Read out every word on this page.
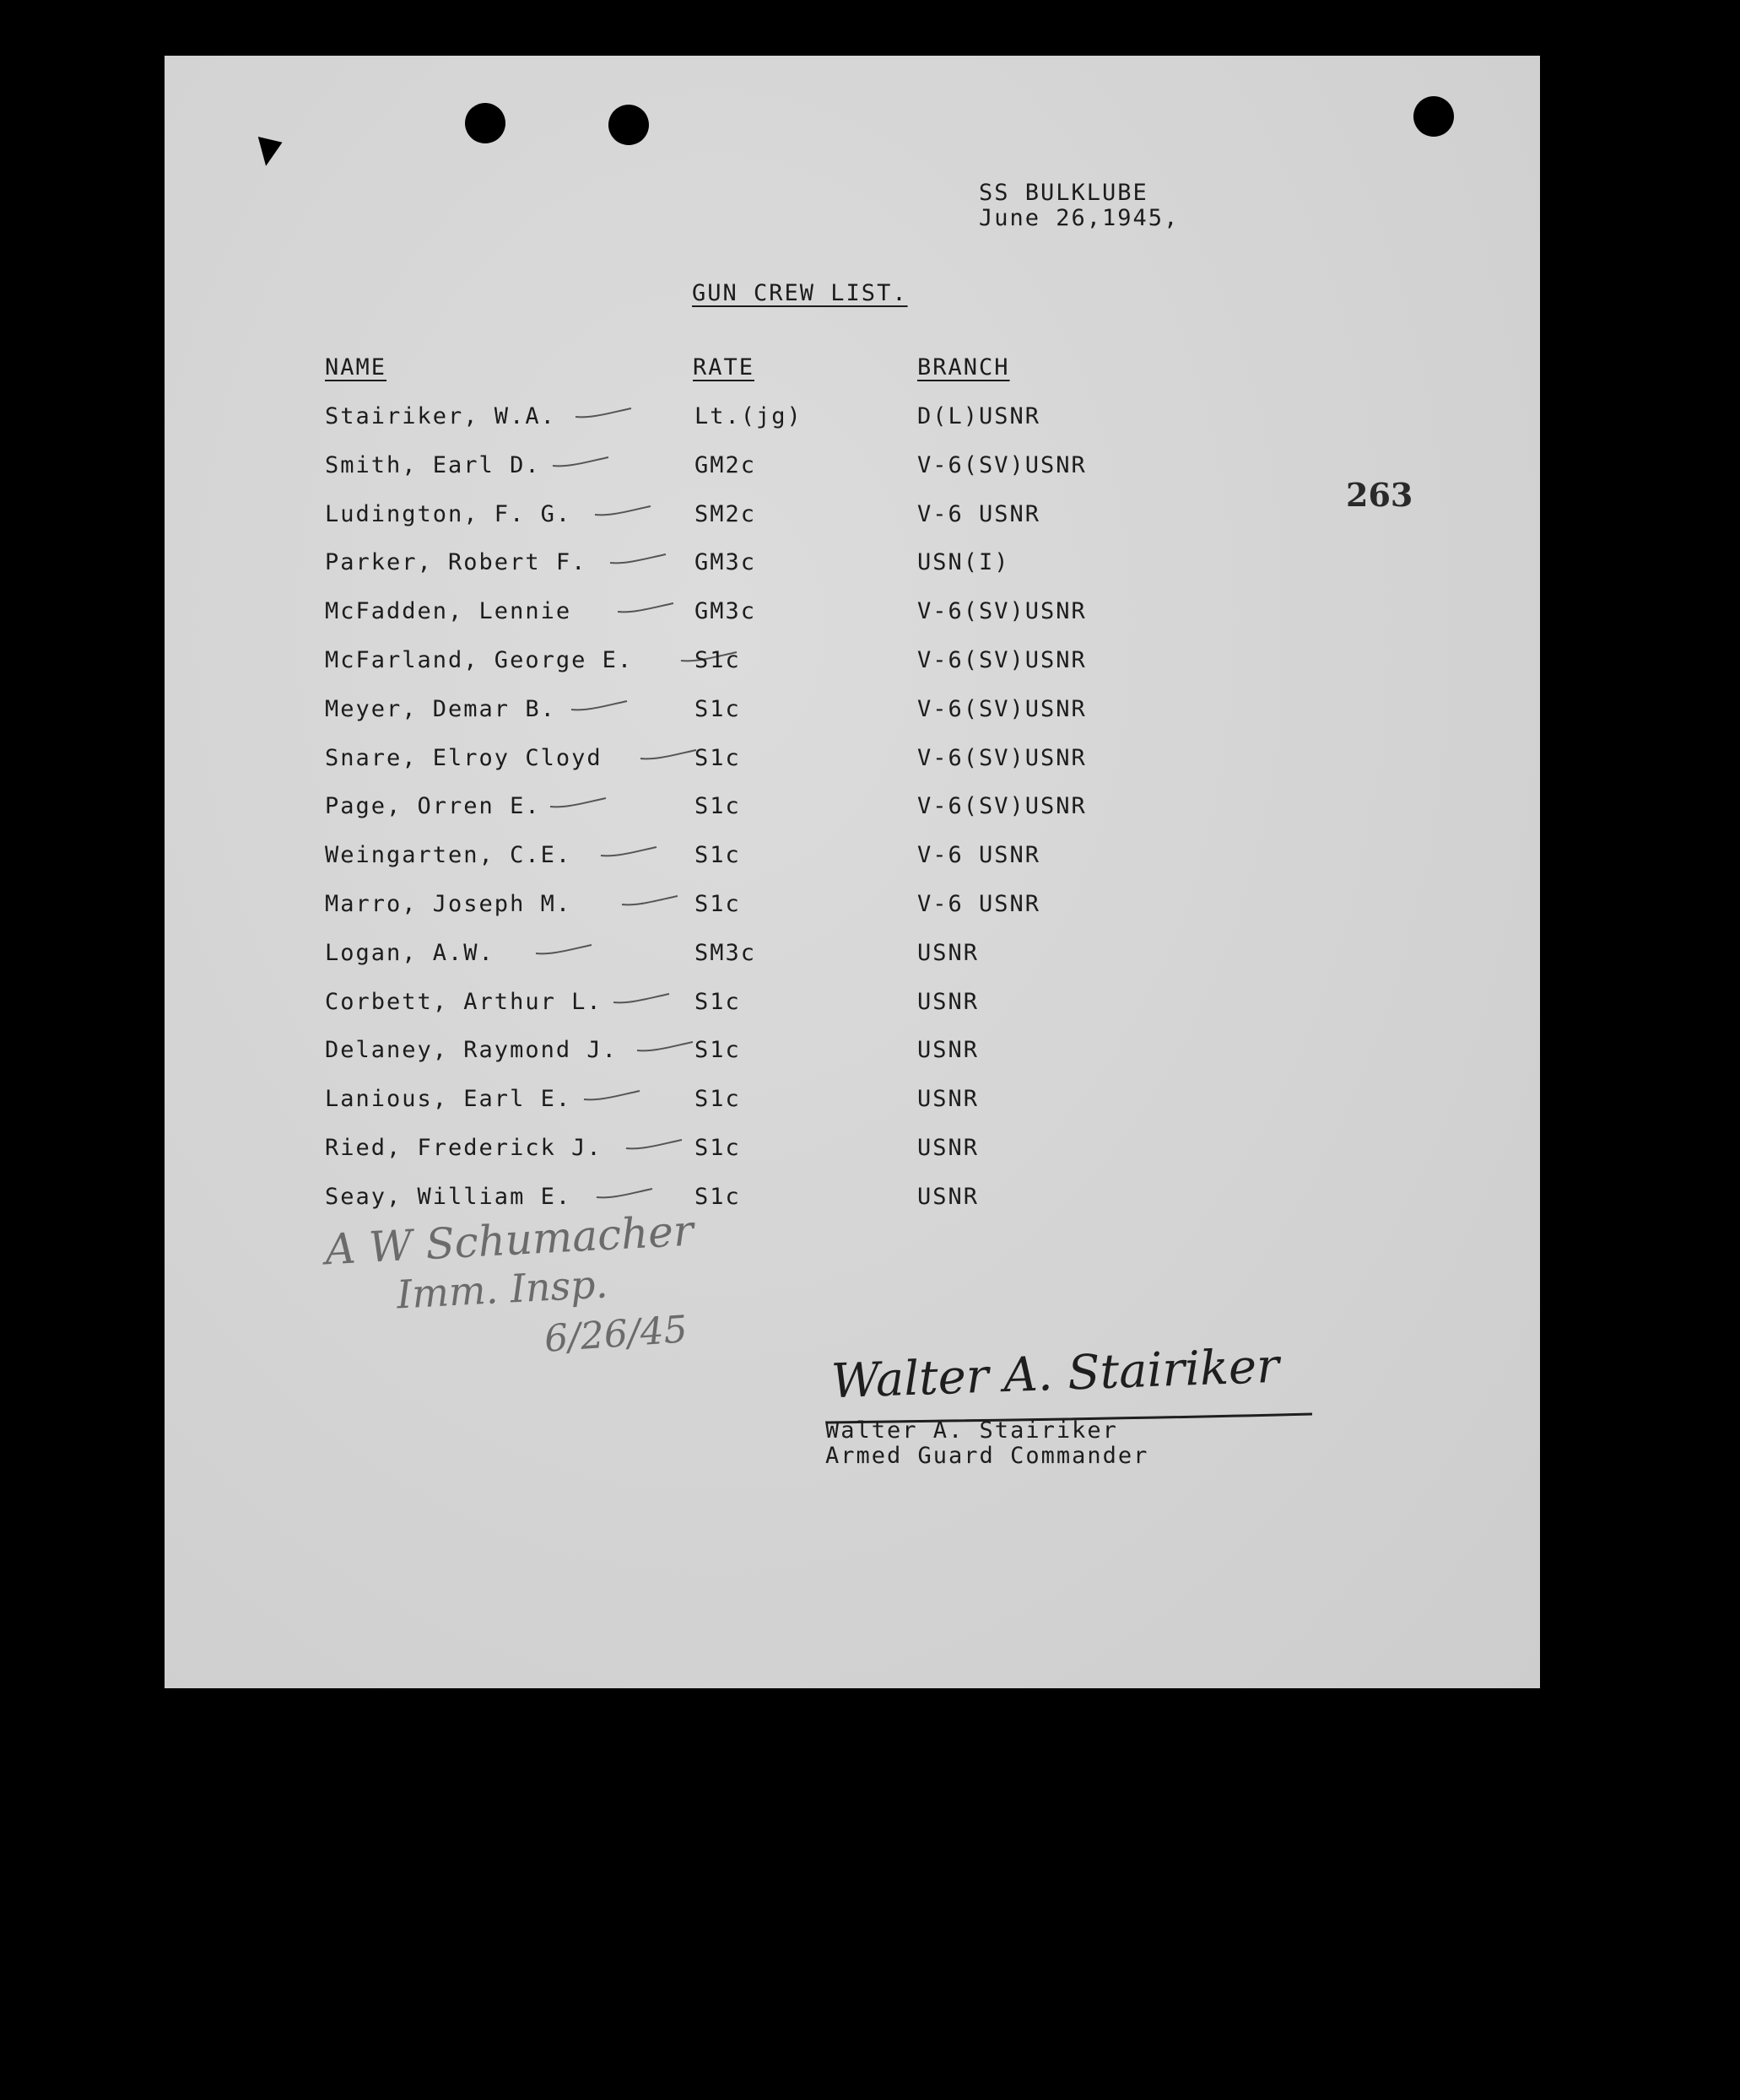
SS BULKLUBE
June 26,1945,
GUN CREW LIST.
NAME	RATE	BRANCH
Stairiker, W.A.	Lt.(jg)	D(L)USNR
Smith, Earl D.	GM2c	V-6(SV)USNR
Ludington, F. G.	SM2c	V-6 USNR
Parker, Robert F.	GM3c	USN(I)
McFadden, Lennie	GM3c	V-6(SV)USNR
McFarland, George E.	S1c	V-6(SV)USNR
Meyer, Demar B.	S1c	V-6(SV)USNR
Snare, Elroy Cloyd	S1c	V-6(SV)USNR
Page, Orren E.	S1c	V-6(SV)USNR
Weingarten, C.E.	S1c	V-6 USNR
Marro, Joseph M.	S1c	V-6 USNR
Logan, A.W.	SM3c	USNR
Corbett, Arthur L.	S1c	USNR
Delaney, Raymond J.	S1c	USNR
Lanious, Earl E.	S1c	USNR
Ried, Frederick J.	S1c	USNR
Seay, William E.	S1c	USNR
263
A W Schumacher
Imm. Insp.
6/26/45
Walter A. Stairiker
Walter A. Stairiker
Armed Guard Commander
